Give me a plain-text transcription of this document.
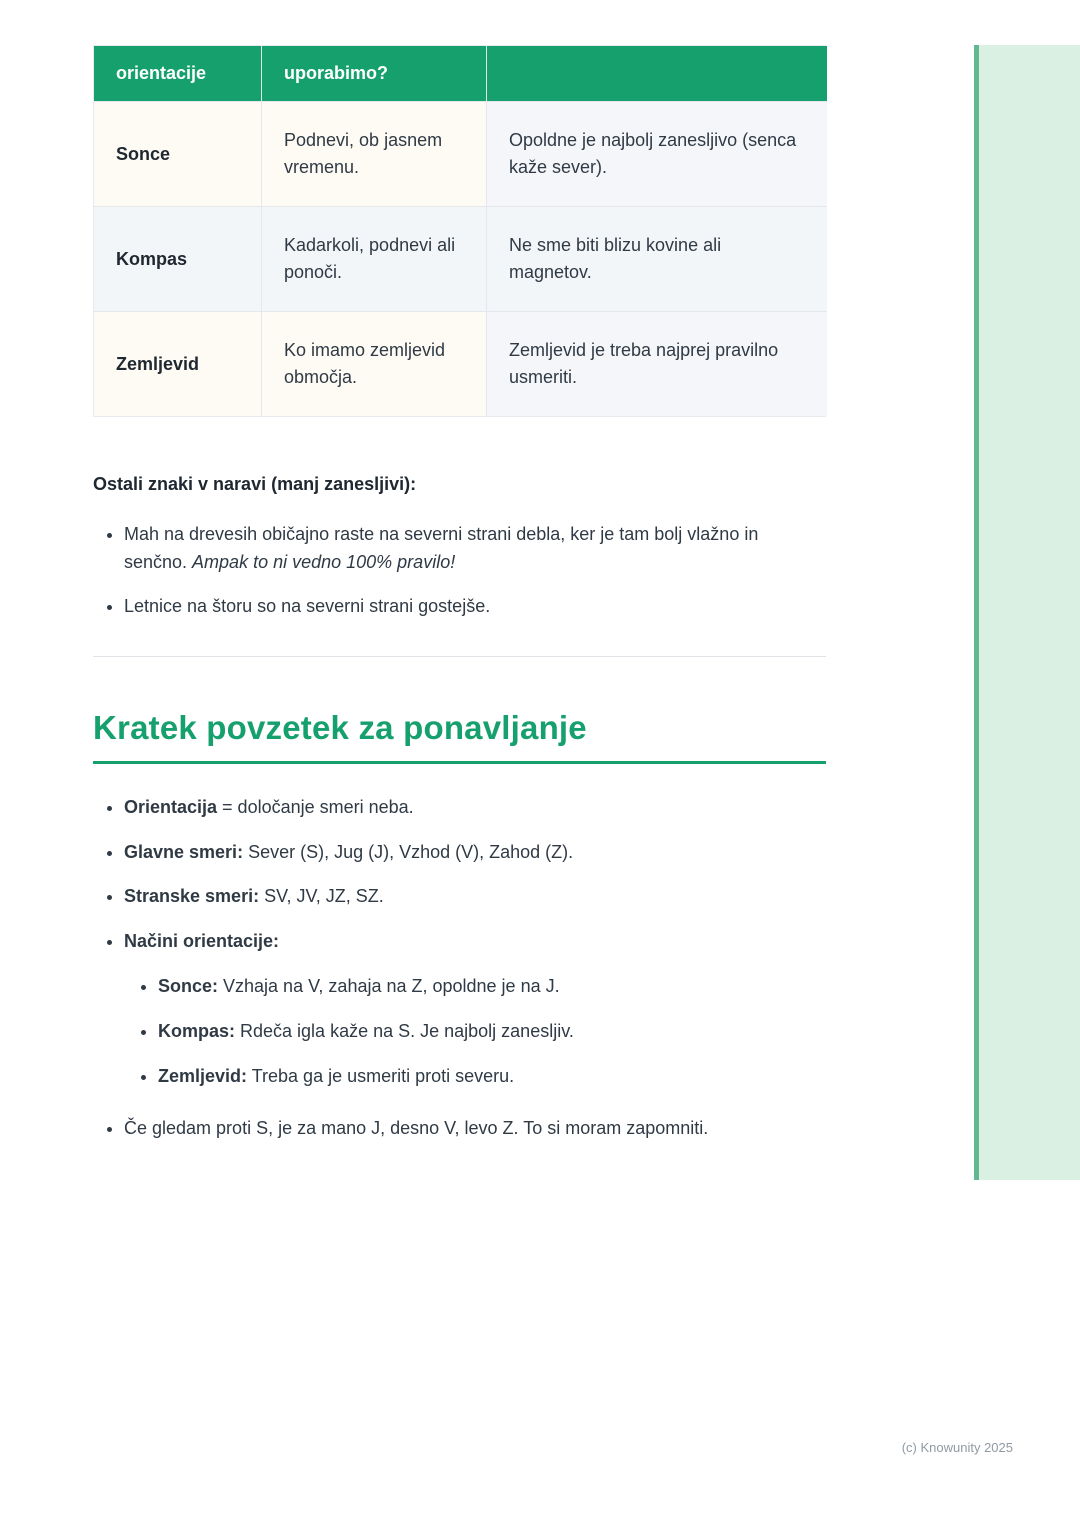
orientacije	uporabimo?
Sonce
Podnevi, ob jasnem vremenu.
Opoldne je najbolj zanesljivo (senca kaže sever).
Kompas
Kadarkoli, podnevi ali ponoči.
Ne sme biti blizu kovine ali magnetov.
Zemljevid
Ko imamo zemljevid območja.
Zemljevid je treba najprej pravilno usmeriti.

Ostali znaki v naravi (manj zanesljivi):

• Mah na drevesih običajno raste na severni strani debla, ker je tam bolj vlažno in senčno. Ampak to ni vedno 100% pravilo!
• Letnice na štoru so na severni strani gostejše.
Kratek povzetek za ponavljanje
• Orientacija = določanje smeri neba.
• Glavne smeri: Sever (S), Jug (J), Vzhod (V), Zahod (Z).
• Stranske smeri: SV, JV, JZ, SZ.
• Načini orientacije:
• Sonce: Vzhaja na V, zahaja na Z, opoldne je na J.
• Kompas: Rdeča igla kaže na S. Je najbolj zanesljiv.
• Zemljevid: Treba ga je usmeriti proti severu.
• Če gledam proti S, je za mano J, desno V, levo Z. To si moram zapomniti.
(c) Knowunity 2025
